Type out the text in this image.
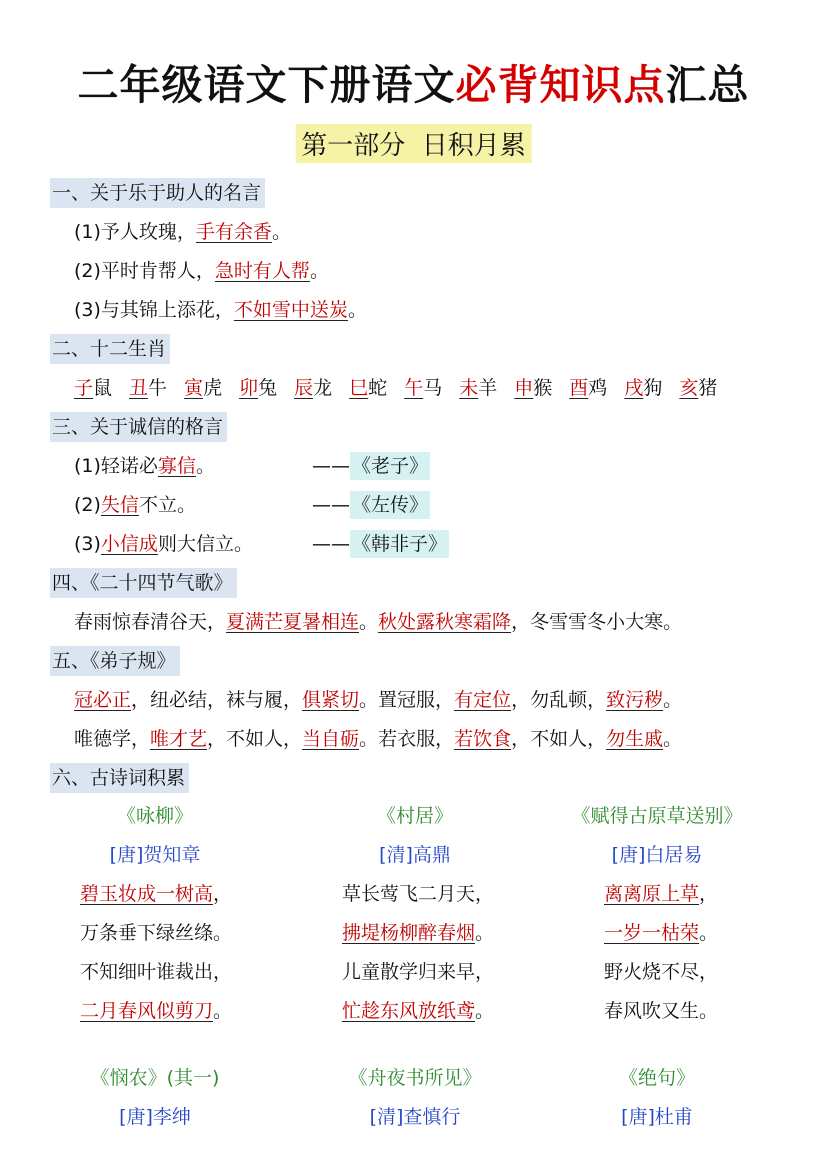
二年级语文下册语文必背知识点汇总
第一部分  日积月累
一、关于乐于助人的名言
(1)予人玫瑰，手有余香。
(2)平时肯帮人，急时有人帮。
(3)与其锦上添花，不如雪中送炭。
二、十二生肖
子鼠 丑牛 寅虎 卯兔 辰龙 巳蛇 午马 未羊 申猴 酉鸡 戌狗 亥猪
三、关于诚信的格言
(1)轻诺必寡信。	—— 《老子》
(2)失信不立。	—— 《左传》
(3)小信成则大信立。	—— 《韩非子》
四、《二十四节气歌》
春雨惊春清谷天，夏满芒夏暑相连。秋处露秋寒霜降，冬雪雪冬小大寒。
五、《弟子规》
冠必正，纽必结，袜与履，俱紧切。置冠服，有定位，勿乱顿，致污秽。
唯德学，唯才艺，不如人，当自砺。若衣服，若饮食，不如人，勿生戚。
六、古诗词积累
《咏柳》
[唐]贺知章
碧玉妆成一树高，
万条垂下绿丝绦。
不知细叶谁裁出，
二月春风似剪刀。
《村居》
[清]高鼎
草长莺飞二月天，
拂堤杨柳醉春烟。
儿童散学归来早，
忙趁东风放纸鸢。
《赋得古原草送别》
[唐]白居易
离离原上草，
一岁一枯荣。
野火烧不尽，
春风吹又生。
《悯农》(其一)
[唐]李绅
《舟夜书所见》
[清]查慎行
《绝句》
[唐]杜甫
